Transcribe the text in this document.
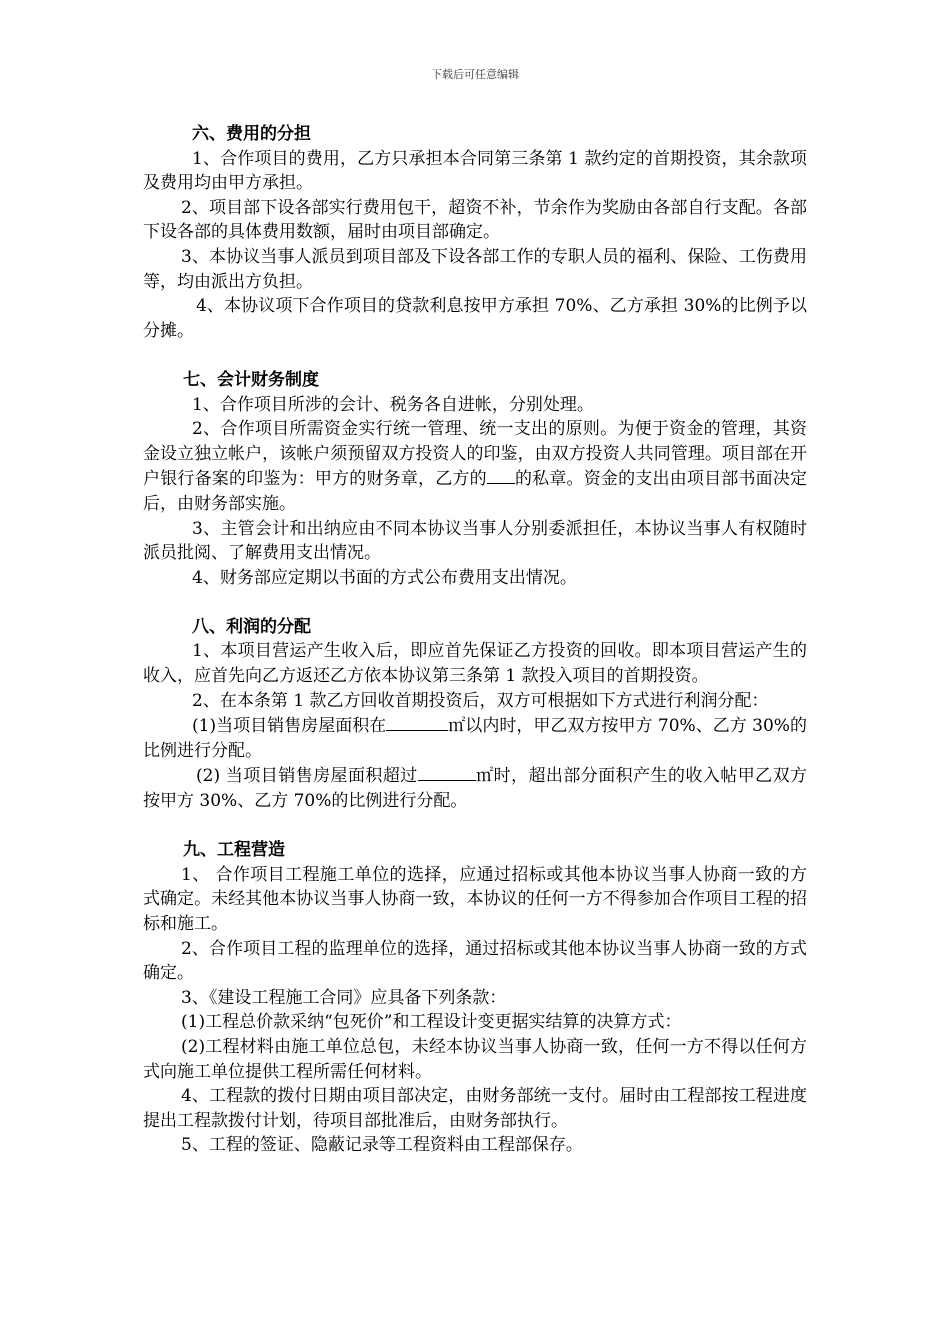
下载后可任意编辑

六、费用的分担

1、合作项目的费用，乙方只承担本合同第三条第 1 款约定的首期投资，其余款项及费用均由甲方承担。

2、项目部下设各部实行费用包干，超资不补，节余作为奖励由各部自行支配。各部下设各部的具体费用数额，届时由项目部确定。

3、本协议当事人派员到项目部及下设各部工作的专职人员的福利、保险、工伤费用等，均由派出方负担。

4、本协议项下合作项目的贷款利息按甲方承担 70%、乙方承担 30%的比例予以分摊。

七、会计财务制度

1、合作项目所涉的会计、税务各自进帐，分别处理。

2、合作项目所需资金实行统一管理、统一支出的原则。为便于资金的管理，其资金设立独立帐户，该帐户须预留双方投资人的印鉴，由双方投资人共同管理。项目部在开户银行备案的印鉴为：甲方的财务章，乙方的 的私章。资金的支出由项目部书面决定后，由财务部实施。

3、主管会计和出纳应由不同本协议当事人分别委派担任，本协议当事人有权随时派员批阅、了解费用支出情况。

4、财务部应定期以书面的方式公布费用支出情况。

八、利润的分配

1、本项目营运产生收入后，即应首先保证乙方投资的回收。即本项目营运产生的收入，应首先向乙方返还乙方依本协议第三条第 1 款投入项目的首期投资。

2、在本条第 1 款乙方回收首期投资后，双方可根据如下方式进行利润分配：

(1)当项目销售房屋面积在	㎡以内时，甲乙双方按甲方 70%、乙方 30%的比例进行分配。

(2) 当项目销售房屋面积超过	㎡时，超出部分面积产生的收入帖甲乙双方按甲方 30%、乙方 70%的比例进行分配。

九、工程营造

1、 合作项目工程施工单位的选择，应通过招标或其他本协议当事人协商一致的方式确定。未经其他本协议当事人协商一致，本协议的任何一方不得参加合作项目工程的招标和施工。

2、合作项目工程的监理单位的选择，通过招标或其他本协议当事人协商一致的方式确定。

3、《建设工程施工合同》应具备下列条款：

(1)工程总价款采纳“包死价”和工程设计变更据实结算的决算方式：

(2)工程材料由施工单位总包，未经本协议当事人协商一致，任何一方不得以任何方式向施工单位提供工程所需任何材料。

4、工程款的拨付日期由项目部决定，由财务部统一支付。届时由工程部按工程进度提出工程款拨付计划，待项目部批准后，由财务部执行。

5、工程的签证、隐蔽记录等工程资料由工程部保存。
